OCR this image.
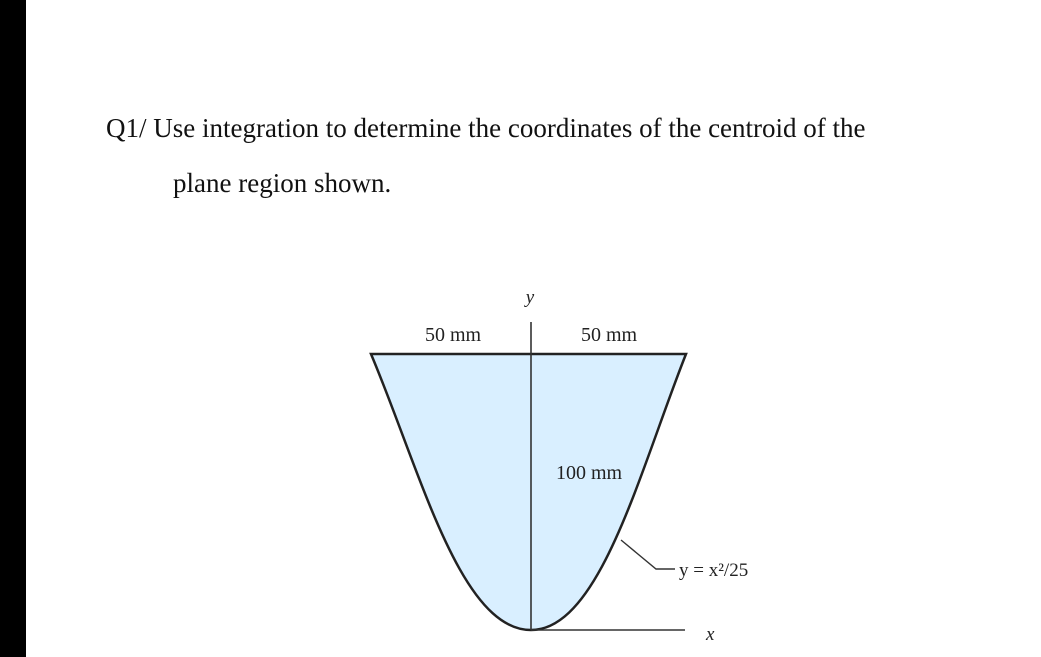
Q1/ Use integration to determine the coordinates of the centroid of the
plane region shown.
y
50 mm	50 mm
100 mm
y = x²/25
x
